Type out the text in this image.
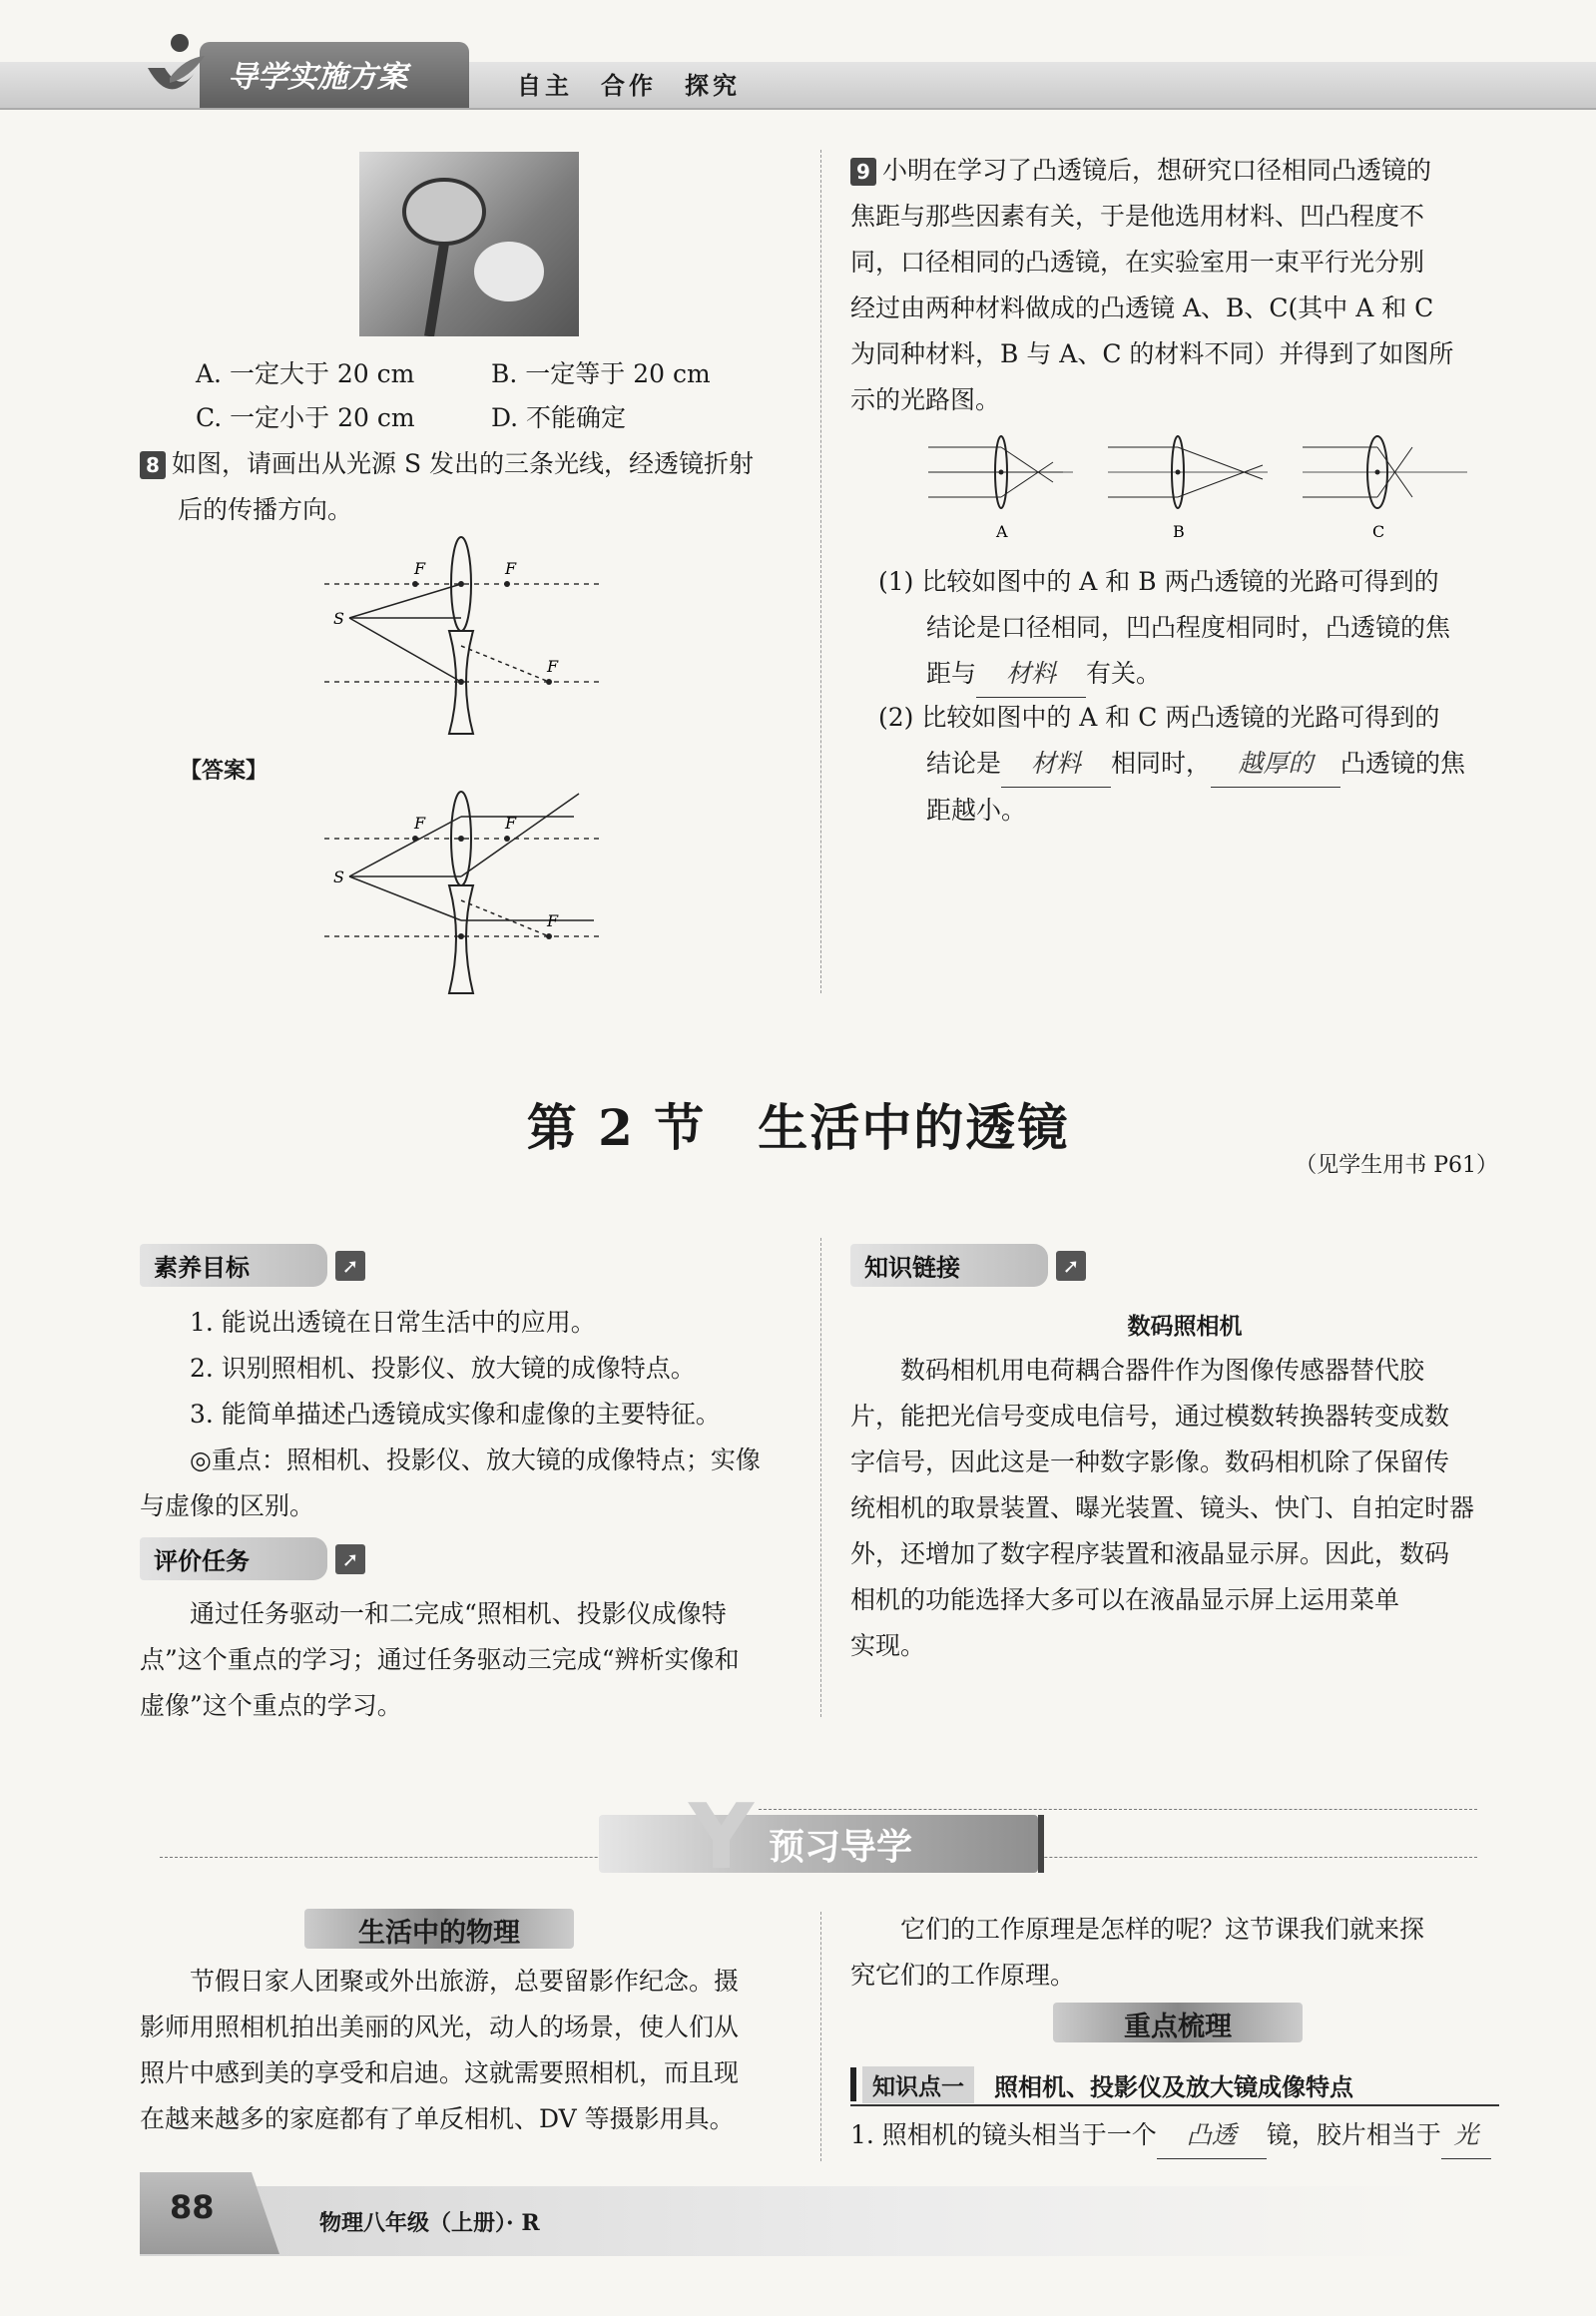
导学实施方案	自主　合作　探究
A. 一定大于 20 cm	B. 一定等于 20 cm
C. 一定小于 20 cm	D. 不能确定
8 如图，请画出从光源 S 发出的三条光线，经透镜折射
后的传播方向。
F	F
F
S
【答案】
F	F
F
S
9 小明在学习了凸透镜后，想研究口径相同凸透镜的
焦距与那些因素有关，于是他选用材料、凹凸程度不
同，口径相同的凸透镜，在实验室用一束平行光分别
经过由两种材料做成的凸透镜 A、B、C(其中 A 和 C
为同种材料，B 与 A、C 的材料不同）并得到了如图所
示的光路图。
A	B	C
(1) 比较如图中的 A 和 B 两凸透镜的光路可得到的
结论是口径相同，凹凸程度相同时，凸透镜的焦
距与 材料 有关。
(2) 比较如图中的 A 和 C 两凸透镜的光路可得到的
结论是 材料 相同时， 越厚的 凸透镜的焦
距越小。
第 2 节　生活中的透镜
（见学生用书 P61）
素养目标	➚
1. 能说出透镜在日常生活中的应用。
2. 识别照相机、投影仪、放大镜的成像特点。
3. 能简单描述凸透镜成实像和虚像的主要特征。
◎重点：照相机、投影仪、放大镜的成像特点；实像
与虚像的区别。
评价任务	➚
通过任务驱动一和二完成“照相机、投影仪成像特
点”这个重点的学习；通过任务驱动三完成“辨析实像和
虚像”这个重点的学习。
知识链接	➚
数码照相机
数码相机用电荷耦合器件作为图像传感器替代胶
片，能把光信号变成电信号，通过模数转换器转变成数
字信号，因此这是一种数字影像。数码相机除了保留传
统相机的取景装置、曝光装置、镜头、快门、自拍定时器
外，还增加了数字程序装置和液晶显示屏。因此，数码
相机的功能选择大多可以在液晶显示屏上运用菜单
实现。
Y 预习导学
生活中的物理
节假日家人团聚或外出旅游，总要留影作纪念。摄
影师用照相机拍出美丽的风光，动人的场景，使人们从
照片中感到美的享受和启迪。这就需要照相机，而且现
在越来越多的家庭都有了单反相机、DV 等摄影用具。
它们的工作原理是怎样的呢？这节课我们就来探
究它们的工作原理。
重点梳理
知识点一	照相机、投影仪及放大镜成像特点
1. 照相机的镜头相当于一个 凸透 镜，胶片相当于 光
88	物理八年级（上册）· R
